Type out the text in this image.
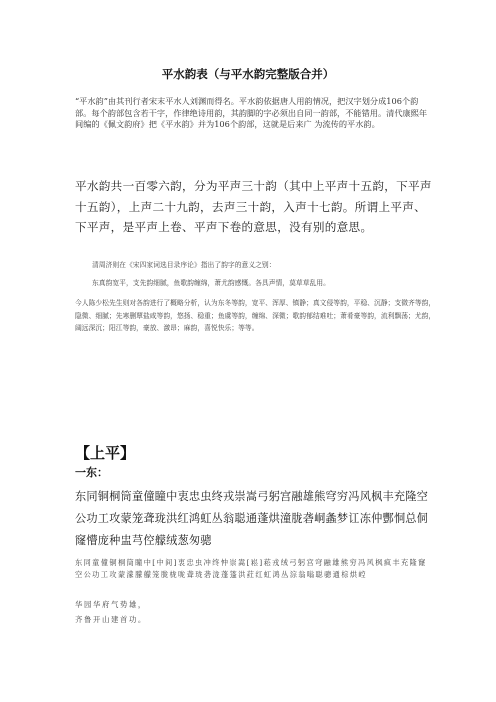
平水韵表（与平水韵完整版合并）

“平水韵”由其刊行者宋末平水人刘渊而得名。平水韵依据唐人用韵情况，把汉字划分成106个韵部。每个韵部包含若干字，作律绝诗用韵，其韵脚的字必须出自同一韵部，不能错用。清代康熙年间编的《佩文韵府》把《平水韵》并为106个韵部，这就是后来广 为流传的平水韵。

平水韵共一百零六韵，分为平声三十韵（其中上平声十五韵，下平声十五韵），上声二十九韵，去声三十韵，入声十七韵。所谓上平声、下平声，是平声上卷、平声下卷的意思，没有别的意思。

清周济则在《宋四家词选目录序论》指出了韵字的意义之别：

东真韵宽平，支先韵细腻，鱼歌韵缠绵，萧尤韵感慨。各具声情，莫草草乱用。

今人陈少松先生则对各韵进行了概略分析，认为东冬等韵，宽平、浑厚、镇静；真文侵等韵，平稳、沉静；支微齐等韵，隐微、细腻；先寒删覃盐咸等韵，悠扬、稳重；鱼虞等韵，缠绵、深微；歌韵郁结难吐；萧肴豪等韵，流利飘荡；尤韵，阔远深沉；阳江等韵，豪放、激昂；麻韵，喜悦快乐；等等。

【上平】
一东：

东同铜桐筒童僮瞳中衷忠虫终戎崇嵩弓躬宫融雄熊穹穷冯风枫丰充隆空公功工攻蒙笼聋珑洪红鸿虹丛翁聪通蓬烘潼胧砻峒螽梦讧冻仲酆恫总侗窿懵庞种盅芎倥艨绒葱匆骢

东同童僮铜桐筒瞳中[中间]衷忠虫冲终忡崇嵩[崧]菘戎绒弓躬宫穹融雄熊穷冯风枫疯丰充隆窿空公功工攻蒙濛朦艨笼胧栊咙聋珑砻泷蓬篷洪荭红虹鸿丛淙翁嗡聪骢通棕烘崆

华园华府气势雄，

齐鲁开山建首功。
